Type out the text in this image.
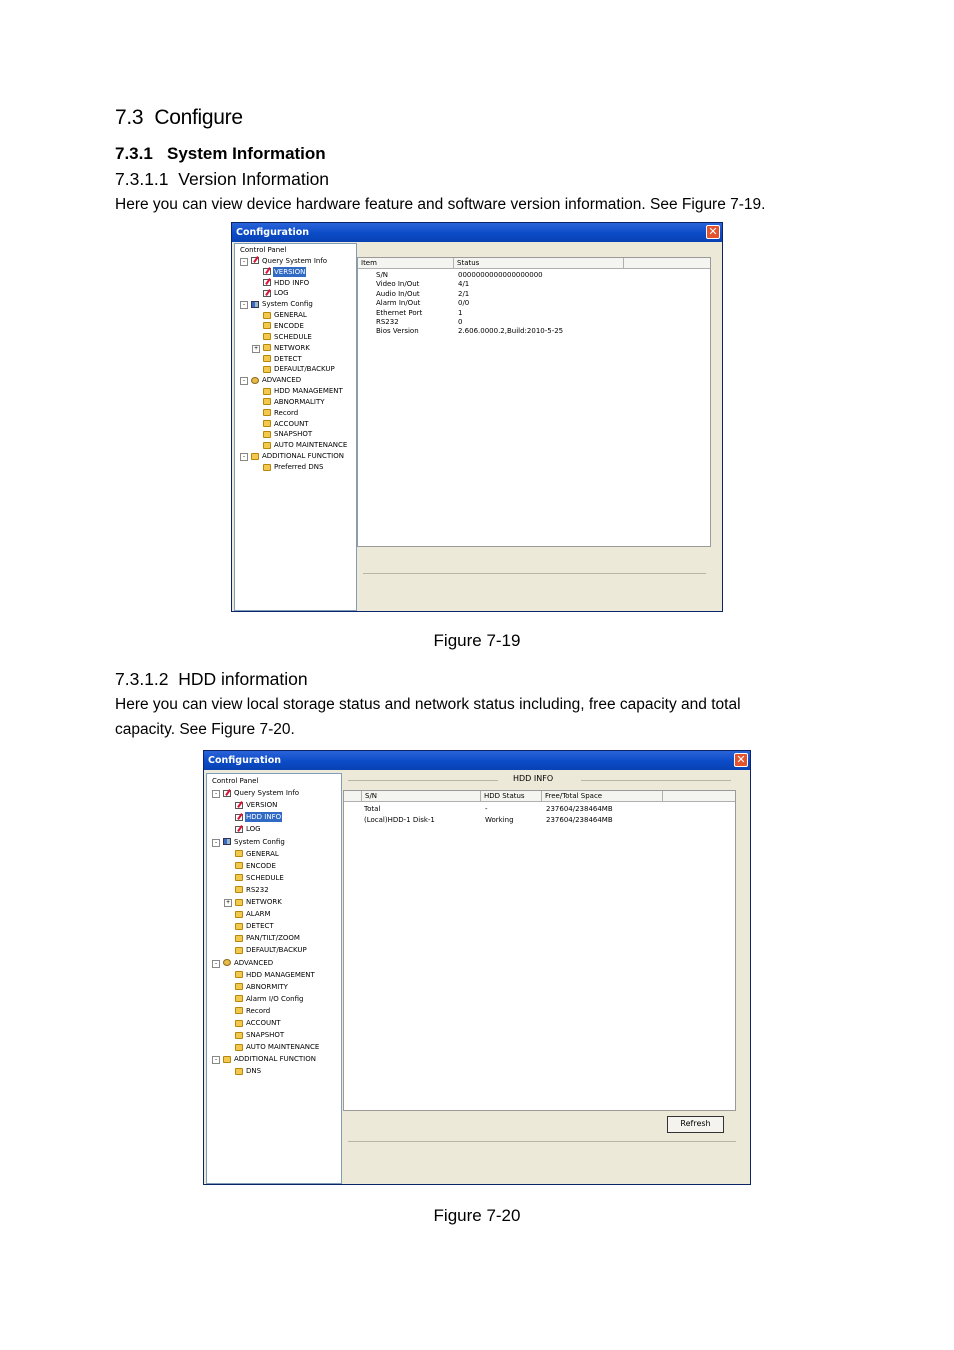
7.3 Configure
7.3.1 System Information
7.3.1.1 Version Information

Here you can view device hardware feature and software version information. See Figure 7-19.

Configuration	✕
Control Panel
Query System Info
-
VERSION
HDD INFO
LOG
System Config
-
GENERAL
ENCODE
SCHEDULE
NETWORK
+
DETECT
DEFAULT/BACKUP
ADVANCED
-
HDD MANAGEMENT
ABNORMALITY
Record
ACCOUNT
SNAPSHOT
AUTO MAINTENANCE
ADDITIONAL FUNCTION
-
Preferred DNS
Item	Status
S/N	0000000000000000000
Video In/Out	4/1
Audio In/Out	2/1
Alarm In/Out	0/0
Ethernet Port	1
RS232	0
Bios Version	2.606.0000.2,Build:2010-5-25
Figure 7-19
7.3.1.2 HDD information

Here you can view local storage status and network status including, free capacity and total

capacity. See Figure 7-20.

Configuration	✕
Control Panel
Query System Info
-
VERSION
HDD INFO
LOG
System Config
-
GENERAL
ENCODE
SCHEDULE
RS232
NETWORK
+
ALARM
DETECT
PAN/TILT/ZOOM
DEFAULT/BACKUP
ADVANCED
-
HDD MANAGEMENT
ABNORMITY
Alarm I/O Config
Record
ACCOUNT
SNAPSHOT
AUTO MAINTENANCE
ADDITIONAL FUNCTION
-
DNS
HDD INFO
S/N	HDD Status	Free/Total Space
Total	-	237604/238464MB
(Local)HDD-1 Disk-1	Working	237604/238464MB
Refresh
Figure 7-20
